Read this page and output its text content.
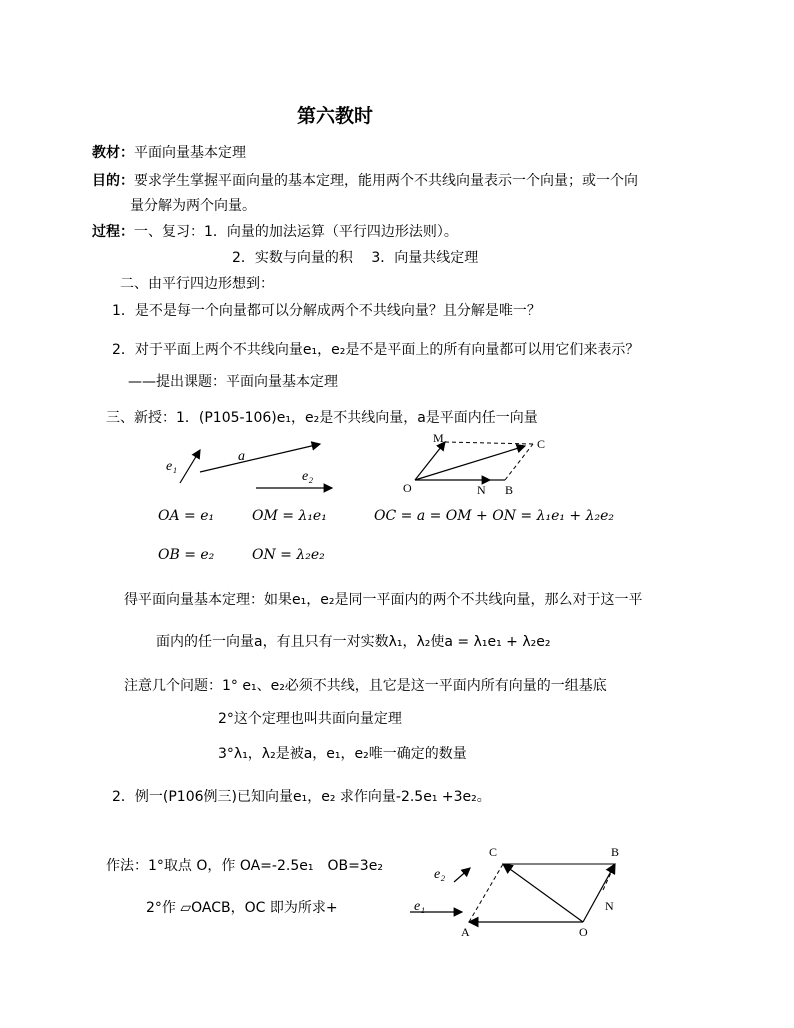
第六教时
教材：平面向量基本定理
目的：要求学生掌握平面向量的基本定理，能用两个不共线向量表示一个向量；或一个向
量分解为两个向量。
过程：一、复习：1．向量的加法运算（平行四边形法则）。
2．实数与向量的积　 3．向量共线定理
二、由平行四边形想到：
1．是不是每一个向量都可以分解成两个不共线向量？且分解是唯一？
2．对于平面上两个不共线向量e₁，e₂是不是平面上的所有向量都可以用它们来表示？
——提出课题：平面向量基本定理
三、新授：1．(P105-106)e₁，e₂是不共线向量，a是平面内任一向量
e₁
a
e₂
M	C
O	N B
OA = e₁	OM = λ₁e₁	OC = a = OM + ON = λ₁e₁ + λ₂e₂
OB = e₂	ON = λ₂e₂
得平面向量基本定理：如果e₁，e₂是同一平面内的两个不共线向量，那么对于这一平
面内的任一向量a，有且只有一对实数λ₁，λ₂使a = λ₁e₁ + λ₂e₂
注意几个问题：1° e₁、e₂必须不共线，且它是这一平面内所有向量的一组基底
2°这个定理也叫共面向量定理
3°λ₁，λ₂是被a，e₁，e₂唯一确定的数量
2．例一(P106例三)已知向量e₁，e₂ 求作向量-2.5e₁ +3e₂。
作法：1°取点 O，作 OA=-2.5e₁　OB=3e₂
2°作 ▱OACB，OC 即为所求+
e₂
e₁
C	B
A	O
N
